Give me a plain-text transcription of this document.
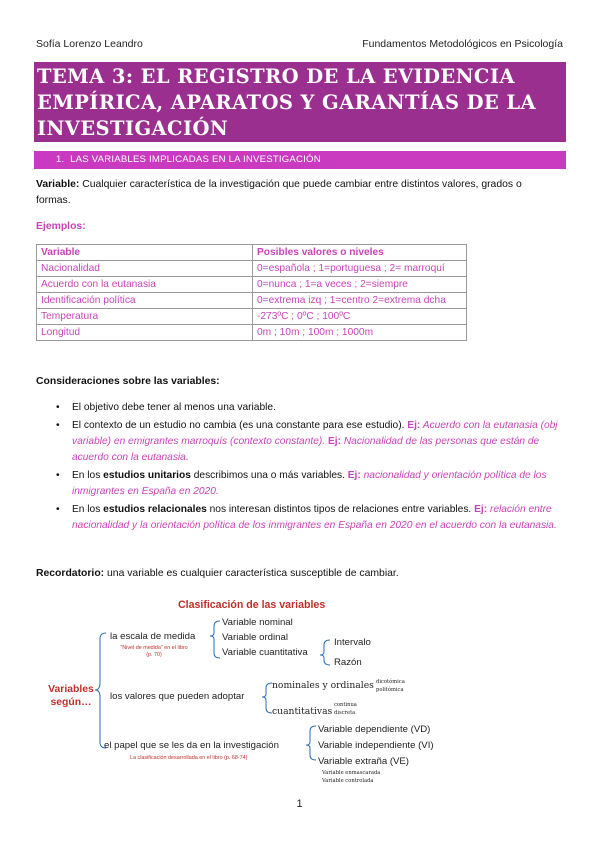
Sofía Lorenzo Leandro	Fundamentos Metodológicos en Psicología
TEMA 3: EL REGISTRO DE LA EVIDENCIA EMPÍRICA, APARATOS Y GARANTÍAS DE LA INVESTIGACIÓN
1. LAS VARIABLES IMPLICADAS EN LA INVESTIGACIÓN
Variable: Cualquier característica de la investigación que puede cambiar entre distintos valores, grados o formas.
Ejemplos:
Variable	Posibles valores o niveles
Nacionalidad	0=española ; 1=portuguesa ; 2= marroquí
Acuerdo con la eutanasia	0=nunca ; 1=a veces ; 2=siempre
Identificación política	0=extrema izq ; 1=centro 2=extrema dcha
Temperatura	-273ºC ; 0ºC ; 100ºC
Longitud	0m ; 10m ; 100m ; 1000m
Consideraciones sobre las variables:
• El objetivo debe tener al menos una variable.
• El contexto de un estudio no cambia (es una constante para ese estudio). Ej: Acuerdo con la eutanasia (obj variable) en emigrantes marroquís (contexto constante). Ej: Nacionalidad de las personas que están de acuerdo con la eutanasia.
• En los estudios unitarios describimos una o más variables. Ej: nacionalidad y orientación política de los inmigrantes en España en 2020.
• En los estudios relacionales nos interesan distintos tipos de relaciones entre variables. Ej: relación entre nacionalidad y la orientación política de los inmigrantes en España en 2020 en el acuerdo con la eutanasia.
Recordatorio: una variable es cualquier característica susceptible de cambiar.
Clasificación de las variables
Variables según…
la escala de medida
"Nivel de medida" en el libro (p. 70)
Variable nominal
Variable ordinal
Variable cuantitativa
Intervalo
Razón
los valores que pueden adoptar
nominales y ordinales dicotómica
politómica
cuantitativas
continua
discreta
el papel que se les da en la investigación
La clasificación desarrollada en el libro (p. 68-74)
Variable dependiente (VD)
Variable independiente (VI)
Variable extraña (VE)
Variable enmascarada
Variable controlada
1
